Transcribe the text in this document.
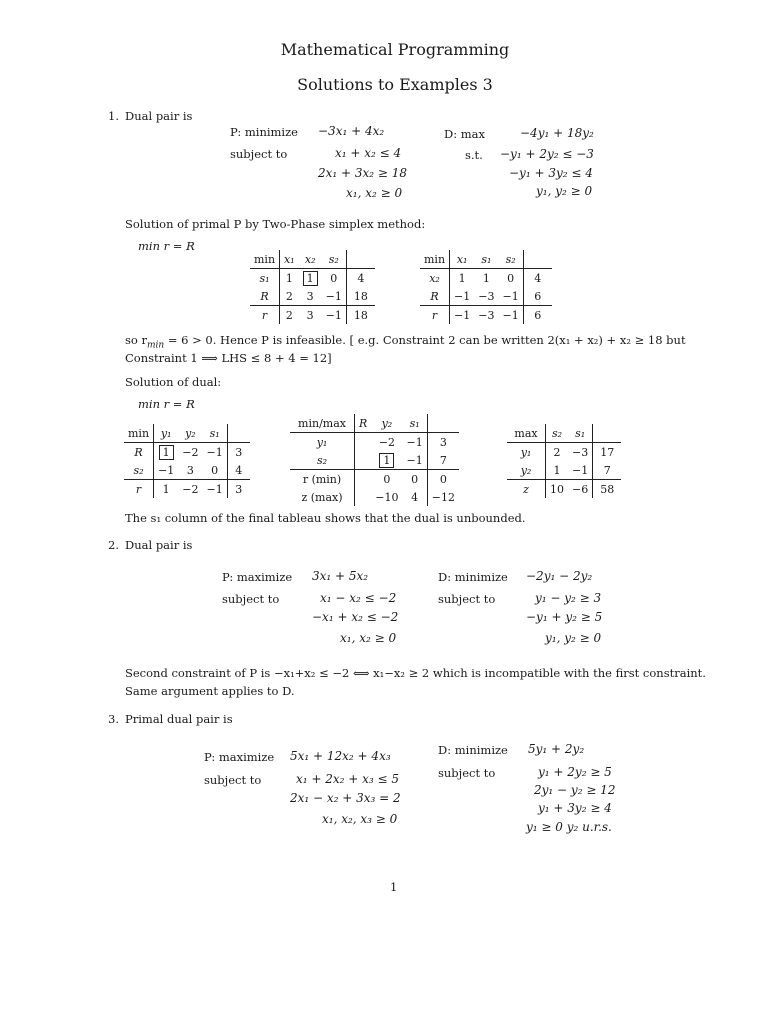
Mathematical Programming
Solutions to Examples 3
1. Dual pair is
P: minimize −3x₁ + 4x₂
subject to	x₁ + x₂ ≤ 4
2x₁ + 3x₂ ≥ 18
x₁, x₂ ≥ 0
D: max	−4y₁ + 18y₂
s.t. −y₁ + 2y₂ ≤ −3
−y₁ + 3y₂ ≤ 4
y₁, y₂ ≥ 0
Solution of primal P by Two-Phase simplex method:
min r = R
min	x₁	x₂	s₂	
s₁	1	1	0	4
R	2	3	−1	18
r	2	3	−1	18
min	x₁	s₁	s₂	
x₂	1	1	0	4
R	−1	−3	−1	6
r	−1	−3	−1	6
so $r_{min} = 6 > 0$. Hence P is infeasible. [ e.g. Constraint 2 can be written 2(x₁ + x₂) + x₂ ≥ 18 but
Constraint 1 ⟹ LHS ≤ 8 + 4 = 12]
Solution of dual:
min r = R
min	y₁	y₂	s₁	
R	1	−2	−1	3
s₂	−1	3	0	4
r	1	−2	−1	3
min/max	R	y₂	s₁	
y₁		−2	−1	3
s₂		1	−1	7
r (min)		0	0	0
z (max)		−10	4	−12
max	s₂	s₁	
y₁	2	−3	17
y₂	1	−1	7
z	10	−6	58
The s₁ column of the final tableau shows that the dual is unbounded.
2. Dual pair is
P: maximize 3x₁ + 5x₂
subject to	x₁ − x₂ ≤ −2
−x₁ + x₂ ≤ −2
x₁, x₂ ≥ 0
D: minimize −2y₁ − 2y₂
subject to	y₁ − y₂ ≥ 3
−y₁ + y₂ ≥ 5
y₁, y₂ ≥ 0
Second constraint of P is −x₁+x₂ ≤ −2 ⟺ x₁−x₂ ≥ 2 which is incompatible with the first constraint.
Same argument applies to D.
3. Primal dual pair is
P: maximize 5x₁ + 12x₂ + 4x₃
subject to	x₁ + 2x₂ + x₃ ≤ 5
2x₁ − x₂ + 3x₃ = 2
x₁, x₂, x₃ ≥ 0
D: minimize 5y₁ + 2y₂
subject to	y₁ + 2y₂ ≥ 5
2y₁ − y₂ ≥ 12
y₁ + 3y₂ ≥ 4
y₁ ≥ 0 y₂ u.r.s.
1
